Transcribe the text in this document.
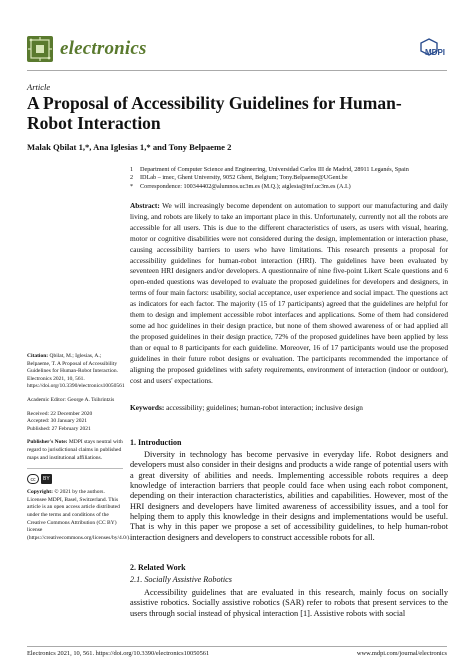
electronics	MDPI
Article
A Proposal of Accessibility Guidelines for Human-Robot Interaction
Malak Qbilat 1,*, Ana Iglesias 1,* and Tony Belpaeme 2
1 Department of Computer Science and Engineering, Universidad Carlos III de Madrid, 28911 Leganés, Spain
2 IDLab – imec, Ghent University, 9052 Ghent, Belgium; Tony.Belpaeme@UGent.be
* Correspondence: 100344402@alumnos.uc3m.es (M.Q.); aiglesia@inf.uc3m.es (A.I.)
Abstract: We will increasingly become dependent on automation to support our manufacturing and daily living, and robots are likely to take an important place in this. Unfortunately, currently not all the robots are accessible for all users. This is due to the different characteristics of users, as users with visual, hearing, motor or cognitive disabilities were not considered during the design, implementation or interaction phase, causing accessibility barriers to users who have limitations. This research presents a proposal for accessibility guidelines for human-robot interaction (HRI). The guidelines have been evaluated by seventeen HRI designers and/or developers. A questionnaire of nine five-point Likert Scale questions and 6 open-ended questions was developed to evaluate the proposed guidelines for developers and designers, in terms of four main factors: usability, social acceptance, user experience and social impact. The questions act as indicators for each factor. The majority (15 of 17 participants) agreed that the guidelines are helpful for them to design and implement accessible robot interfaces and applications. Some of them had considered some ad hoc guidelines in their design practice, but none of them showed awareness of or had applied all the proposed guidelines in their design practice, 72% of the proposed guidelines have been applied by less than or equal to 8 participants for each guideline. Moreover, 16 of 17 participants would use the proposed guidelines in their future robot designs or evaluation. The participants recommended the importance of aligning the proposed guidelines with safety requirements, environment of interaction (indoor or outdoor), cost and users' expectations.
Keywords: accessibility; guidelines; human-robot interaction; inclusive design
Citation: Qbilat, M.; Iglesias, A.; Belpaeme, T. A Proposal of Accessibility Guidelines for Human-Robot Interaction. Electronics 2021, 10, 561. https://doi.org/10.3390/electronics10050561
Academic Editor: George A. Tsihrintzis
Received: 22 December 2020
Accepted: 30 January 2021
Published: 27 February 2021
Publisher's Note: MDPI stays neutral with regard to jurisdictional claims in published maps and institutional affiliations.
cc	BY
Copyright: © 2021 by the authors. Licensee MDPI, Basel, Switzerland. This article is an open access article distributed under the terms and conditions of the Creative Commons Attribution (CC BY) license (https://creativecommons.org/licenses/by/4.0/).
1. Introduction
Diversity in technology has become pervasive in everyday life. Robot designers and developers must also consider in their designs and products a wide range of potential users with a great diversity of abilities and needs. Implementing accessible robots requires a deep knowledge of interaction barriers that people could face when using each robot component, depending on their interaction characteristics, abilities and capabilities. However, most of the HRI designers and developers have limited awareness of accessibility issues, and a tool for helping them to apply this knowledge in their designs and implementations would be useful. That is why in this paper we propose a set of accessibility guidelines, to help human-robot interaction designers and developers to construct accessible robots for all.
2. Related Work
2.1. Socially Assistive Robotics
Accessibility guidelines that are evaluated in this research, mainly focus on socially assistive robotics. Socially assistive robotics (SAR) refer to robots that present services to the users through social instead of physical interaction [1]. Assistive robots with social
Electronics 2021, 10, 561. https://doi.org/10.3390/electronics10050561	www.mdpi.com/journal/electronics
